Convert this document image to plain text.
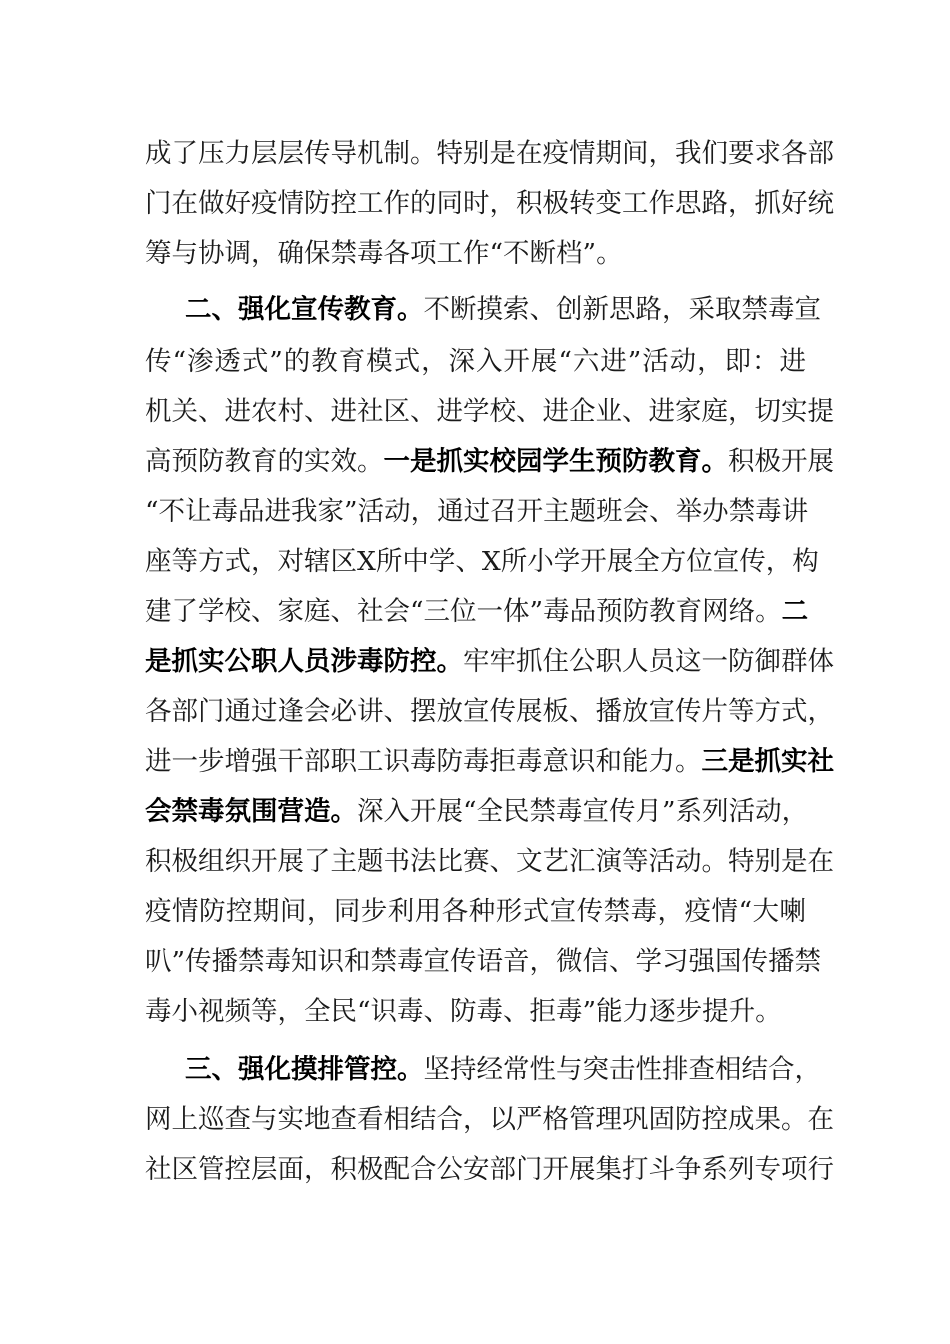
成了压力层层传导机制。特别是在疫情期间，我们要求各部
门在做好疫情防控工作的同时，积极转变工作思路，抓好统
筹与协调，确保禁毒各项工作“不断档”。
二、强化宣传教育。不断摸索、创新思路，采取禁毒宣
传“渗透式”的教育模式，深入开展“六进”活动，即：进
机关、进农村、进社区、进学校、进企业、进家庭，切实提
高预防教育的实效。一是抓实校园学生预防教育。积极开展
“不让毒品进我家”活动，通过召开主题班会、举办禁毒讲
座等方式，对辖区X所中学、X所小学开展全方位宣传，构
建了学校、家庭、社会“三位一体”毒品预防教育网络。二
是抓实公职人员涉毒防控。牢牢抓住公职人员这一防御群体
各部门通过逢会必讲、摆放宣传展板、播放宣传片等方式，
进一步增强干部职工识毒防毒拒毒意识和能力。三是抓实社
会禁毒氛围营造。深入开展“全民禁毒宣传月”系列活动，
积极组织开展了主题书法比赛、文艺汇演等活动。特别是在
疫情防控期间，同步利用各种形式宣传禁毒，疫情“大喇
叭”传播禁毒知识和禁毒宣传语音，微信、学习强国传播禁
毒小视频等，全民“识毒、防毒、拒毒”能力逐步提升。
三、强化摸排管控。坚持经常性与突击性排查相结合，
网上巡查与实地查看相结合，以严格管理巩固防控成果。在
社区管控层面，积极配合公安部门开展集打斗争系列专项行
